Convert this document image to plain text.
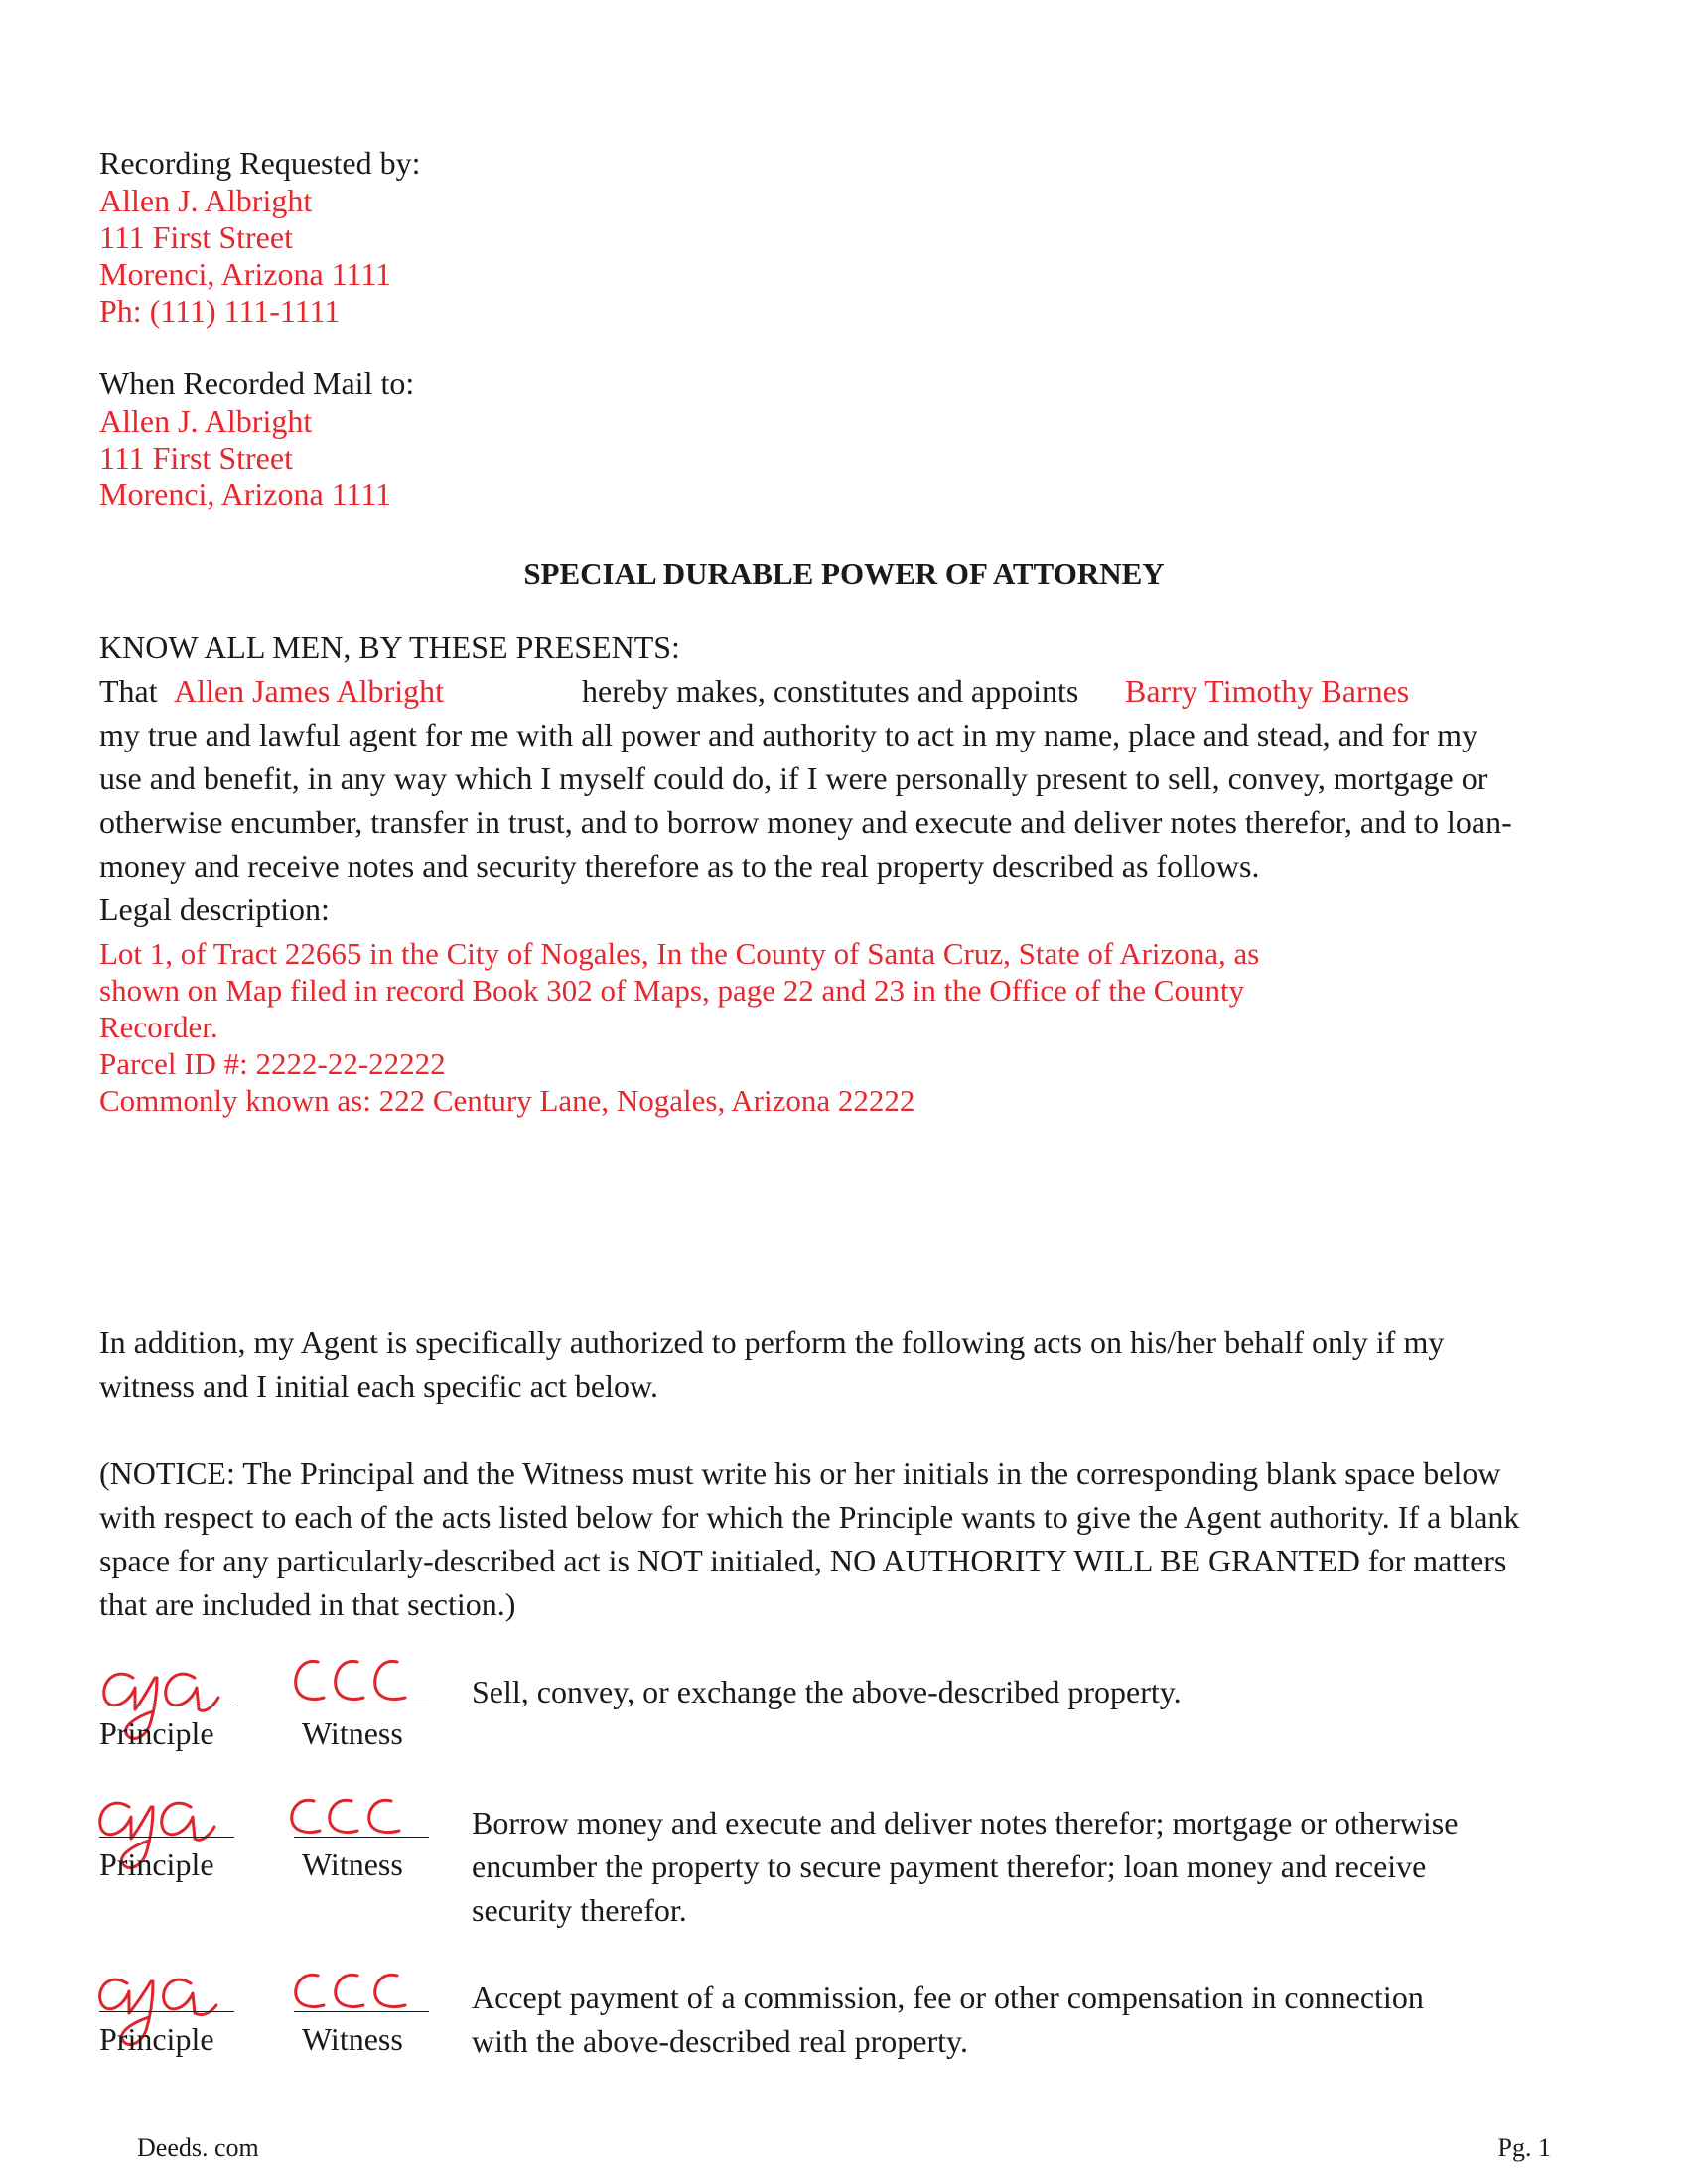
Recording Requested by:

Allen J. Albright

111 First Street

Morenci, Arizona 1111

Ph: (111) 111-1111

When Recorded Mail to:

Allen J. Albright

111 First Street

Morenci, Arizona 1111

SPECIAL DURABLE POWER OF ATTORNEY
KNOW ALL MEN, BY THESE PRESENTS:
That Allen James Albright	hereby makes, constitutes and appoints Barry Timothy Barnes
my true and lawful agent for me with all power and authority to act in my name, place and stead, and for my
use and benefit, in any way which I myself could do, if I were personally present to sell, convey, mortgage or
otherwise encumber, transfer in trust, and to borrow money and execute and deliver notes therefor, and to loan-
money and receive notes and security therefore as to the real property described as follows.
Legal description:

Lot 1, of Tract 22665 in the City of Nogales, In the County of Santa Cruz, State of Arizona, as

shown on Map filed in record Book 302 of Maps, page 22 and 23 in the Office of the County

Recorder.

Parcel ID #: 2222-22-22222

Commonly known as: 222 Century Lane, Nogales, Arizona 22222

In addition, my Agent is specifically authorized to perform the following acts on his/her behalf only if my
witness and I initial each specific act below.
(NOTICE: The Principal and the Witness must write his or her initials in the corresponding blank space below
with respect to each of the acts listed below for which the Principle wants to give the Agent authority. If a blank
space for any particularly-described act is NOT initialed, NO AUTHORITY WILL BE GRANTED for matters
that are included in that section.)
Principle	Witness
Sell, convey, or exchange the above-described property.
Principle	Witness
Borrow money and execute and deliver notes therefor; mortgage or otherwise
encumber the property to secure payment therefor; loan money and receive
security therefor.
Principle	Witness
Accept payment of a commission, fee or other compensation in connection
with the above-described real property.
Deeds. com	Pg. 1
